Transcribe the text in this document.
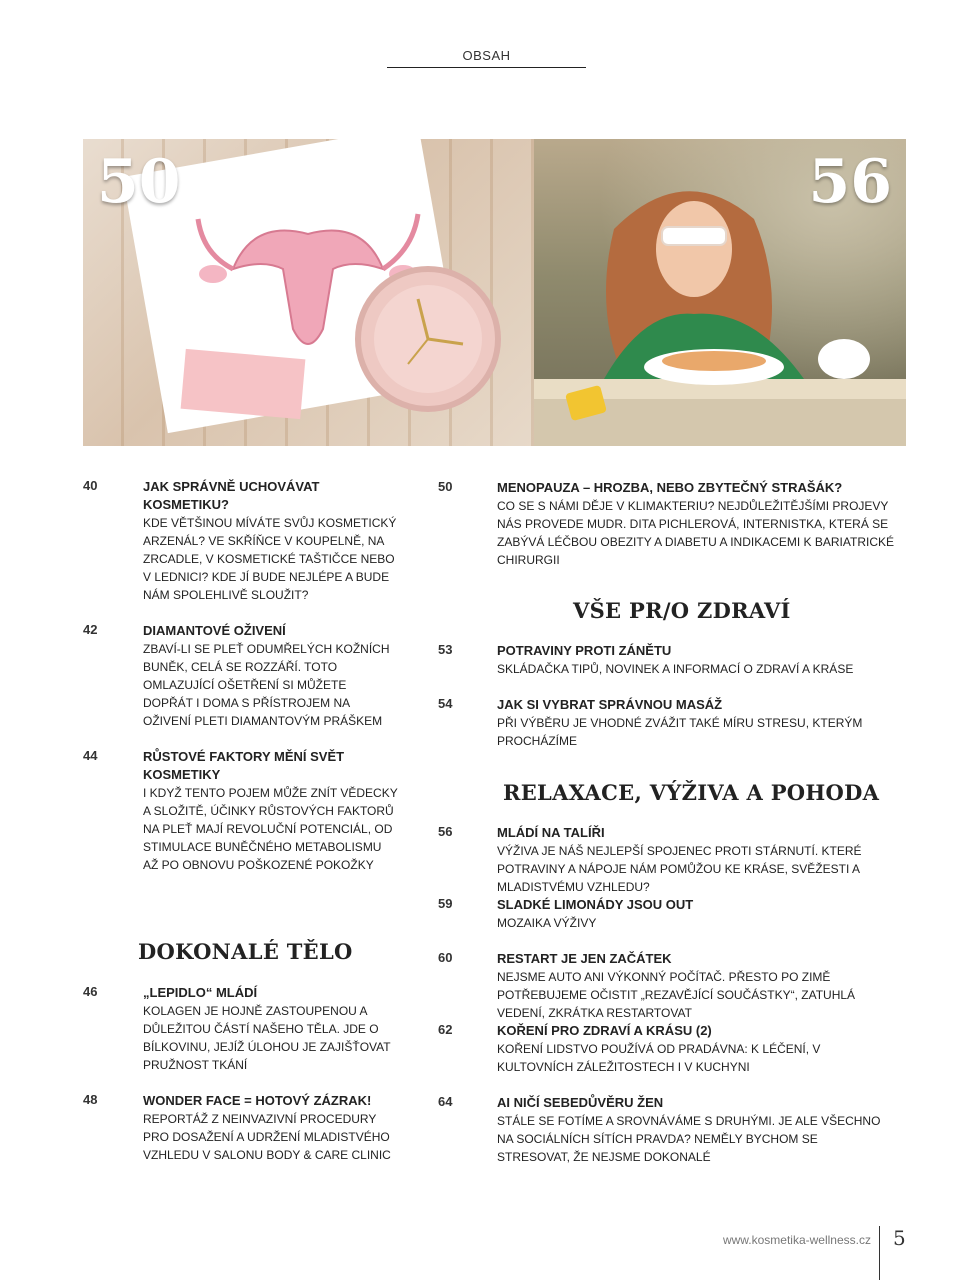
OBSAH
50	56
40	JAK SPRÁVNĚ UCHOVÁVAT KOSMETIKU?
KDE VĚTŠINOU MÍVÁTE SVŮJ KOSMETICKÝ ARZENÁL? VE SKŘÍŇCE V KOUPELNĚ, NA ZRCADLE, V KOSMETICKÉ TAŠTIČCE NEBO V LEDNICI? KDE JÍ BUDE NEJLÉPE A BUDE NÁM SPOLEHLIVĚ SLOUŽIT?
42	DIAMANTOVÉ OŽIVENÍ
ZBAVÍ-LI SE PLEŤ ODUMŘELÝCH KOŽNÍCH BUNĚK, CELÁ SE ROZZÁŘÍ. TOTO OMLAZUJÍCÍ OŠETŘENÍ SI MŮŽETE DOPŘÁT I DOMA S PŘÍSTROJEM NA OŽIVENÍ PLETI DIAMANTOVÝM PRÁŠKEM
44	RŮSTOVÉ FAKTORY MĚNÍ SVĚT KOSMETIKY
I KDYŽ TENTO POJEM MŮŽE ZNÍT VĚDECKY A SLOŽITĚ, ÚČINKY RŮSTOVÝCH FAKTORŮ NA PLEŤ MAJÍ REVOLUČNÍ POTENCIÁL, OD STIMULACE BUNĚČNÉHO METABOLISMU AŽ PO OBNOVU POŠKOZENÉ POKOŽKY
DOKONALÉ TĚLO
46	„LEPIDLO“ MLÁDÍ
KOLAGEN JE HOJNĚ ZASTOUPENOU A DŮLEŽITOU ČÁSTÍ NAŠEHO TĚLA. JDE O BÍLKOVINU, JEJÍŽ ÚLOHOU JE ZAJIŠŤOVAT PRUŽNOST TKÁNÍ
48	WONDER FACE = HOTOVÝ ZÁZRAK!
REPORTÁŽ Z NEINVAZIVNÍ PROCEDURY PRO DOSAŽENÍ A UDRŽENÍ MLADISTVÉHO VZHLEDU V SALONU BODY & CARE CLINIC
50	MENOPAUZA – HROZBA, NEBO ZBYTEČNÝ STRAŠÁK?
CO SE S NÁMI DĚJE V KLIMAKTERIU? NEJDŮLEŽITĚJŠÍMI PROJEVY NÁS PROVEDE MUDR. DITA PICHLEROVÁ, INTERNISTKA, KTERÁ SE ZABÝVÁ LÉČBOU OBEZITY A DIABETU A INDIKACEMI K BARIATRICKÉ CHIRURGII
VŠE PR/O ZDRAVÍ
53	POTRAVINY PROTI ZÁNĚTU
SKLÁDAČKA TIPŮ, NOVINEK A INFORMACÍ O ZDRAVÍ A KRÁSE
54	JAK SI VYBRAT SPRÁVNOU MASÁŽ
PŘI VÝBĚRU JE VHODNÉ ZVÁŽIT TAKÉ MÍRU STRESU, KTERÝM PROCHÁZÍME
RELAXACE, VÝŽIVA A POHODA
56	MLÁDÍ NA TALÍŘI
VÝŽIVA JE NÁŠ NEJLEPŠÍ SPOJENEC PROTI STÁRNUTÍ. KTERÉ POTRAVINY A NÁPOJE NÁM POMŮŽOU KE KRÁSE, SVĚŽESTI A MLADISTVÉMU VZHLEDU?
59	SLADKÉ LIMONÁDY JSOU OUT
MOZAIKA VÝŽIVY
60	RESTART JE JEN ZAČÁTEK
NEJSME AUTO ANI VÝKONNÝ POČÍTAČ. PŘESTO PO ZIMĚ POTŘEBUJEME OČISTIT „REZAVĚJÍCÍ SOUČÁSTKY“, ZATUHLÁ VEDENÍ, ZKRÁTKA RESTARTOVAT
62	KOŘENÍ PRO ZDRAVÍ A KRÁSU (2)
KOŘENÍ LIDSTVO POUŽÍVÁ OD PRADÁVNA: K LÉČENÍ, V KULTOVNÍCH ZÁLEŽITOSTECH I V KUCHYNI
64	AI NIČÍ SEBEDŮVĚRU ŽEN
STÁLE SE FOTÍME A SROVNÁVÁME S DRUHÝMI. JE ALE VŠECHNO NA SOCIÁLNÍCH SÍTÍCH PRAVDA? NEMĚLY BYCHOM SE STRESOVAT, ŽE NEJSME DOKONALÉ
www.kosmetika-wellness.cz 5
